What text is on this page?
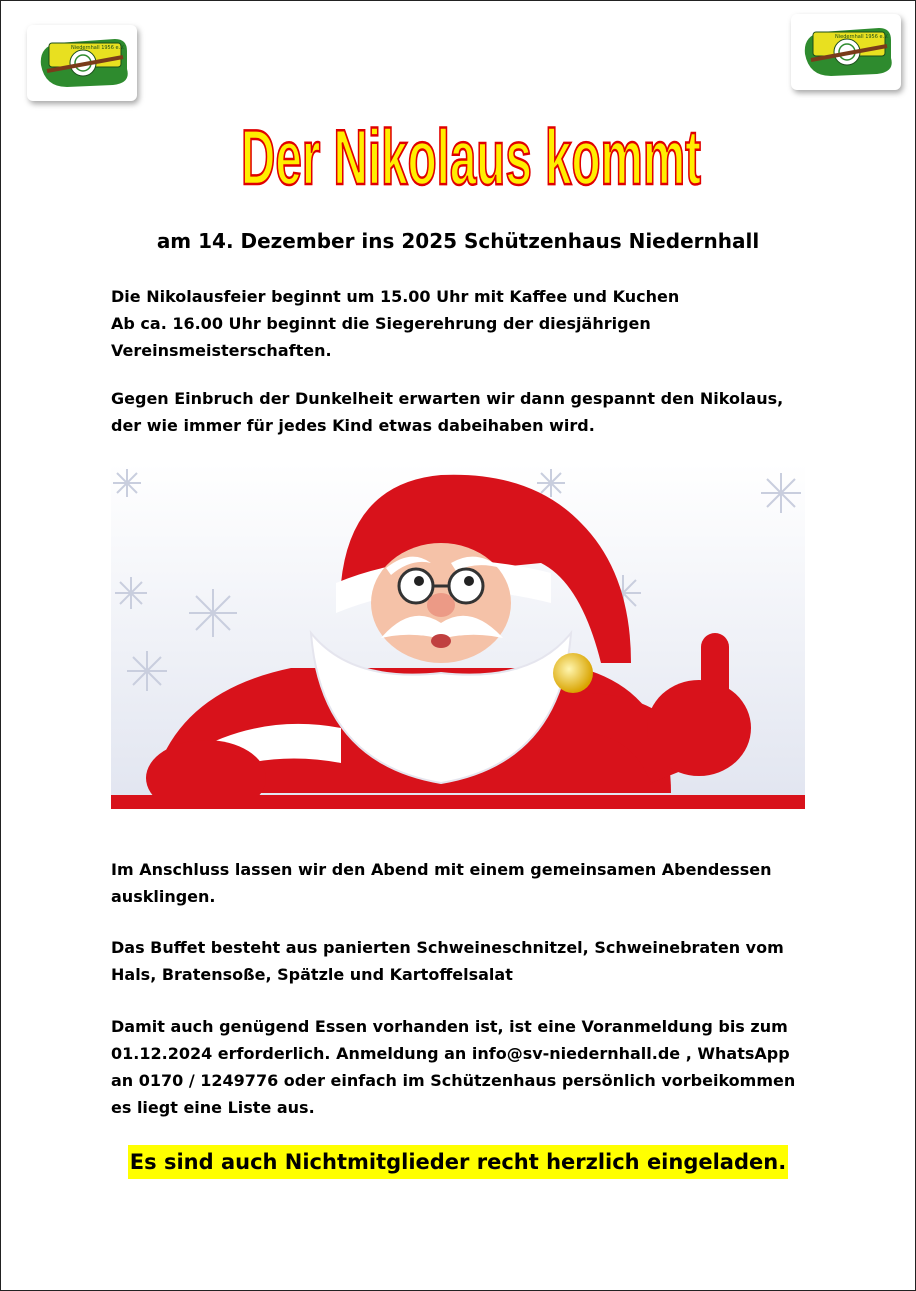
Niedernhall 1956 e.V.
Niedernhall 1956 e.V.
Der Nikolaus kommt
am 14. Dezember ins 2025 Schützenhaus Niedernhall

Die Nikolausfeier beginnt um 15.00 Uhr mit Kaffee und Kuchen
Ab ca. 16.00 Uhr beginnt die Siegerehrung der diesjährigen
Vereinsmeisterschaften.

Gegen Einbruch der Dunkelheit erwarten wir dann gespannt den Nikolaus,
der wie immer für jedes Kind etwas dabeihaben wird.

Im Anschluss lassen wir den Abend mit einem gemeinsamen Abendessen
ausklingen.

Das Buffet besteht aus panierten Schweineschnitzel, Schweinebraten vom
Hals, Bratensoße, Spätzle und Kartoffelsalat

Damit auch genügend Essen vorhanden ist, ist eine Voranmeldung bis zum
01.12.2024 erforderlich. Anmeldung an info@sv-niedernhall.de , WhatsApp
an 0170 / 1249776 oder einfach im Schützenhaus persönlich vorbeikommen
es liegt eine Liste aus.

Es sind auch Nichtmitglieder recht herzlich eingeladen.
